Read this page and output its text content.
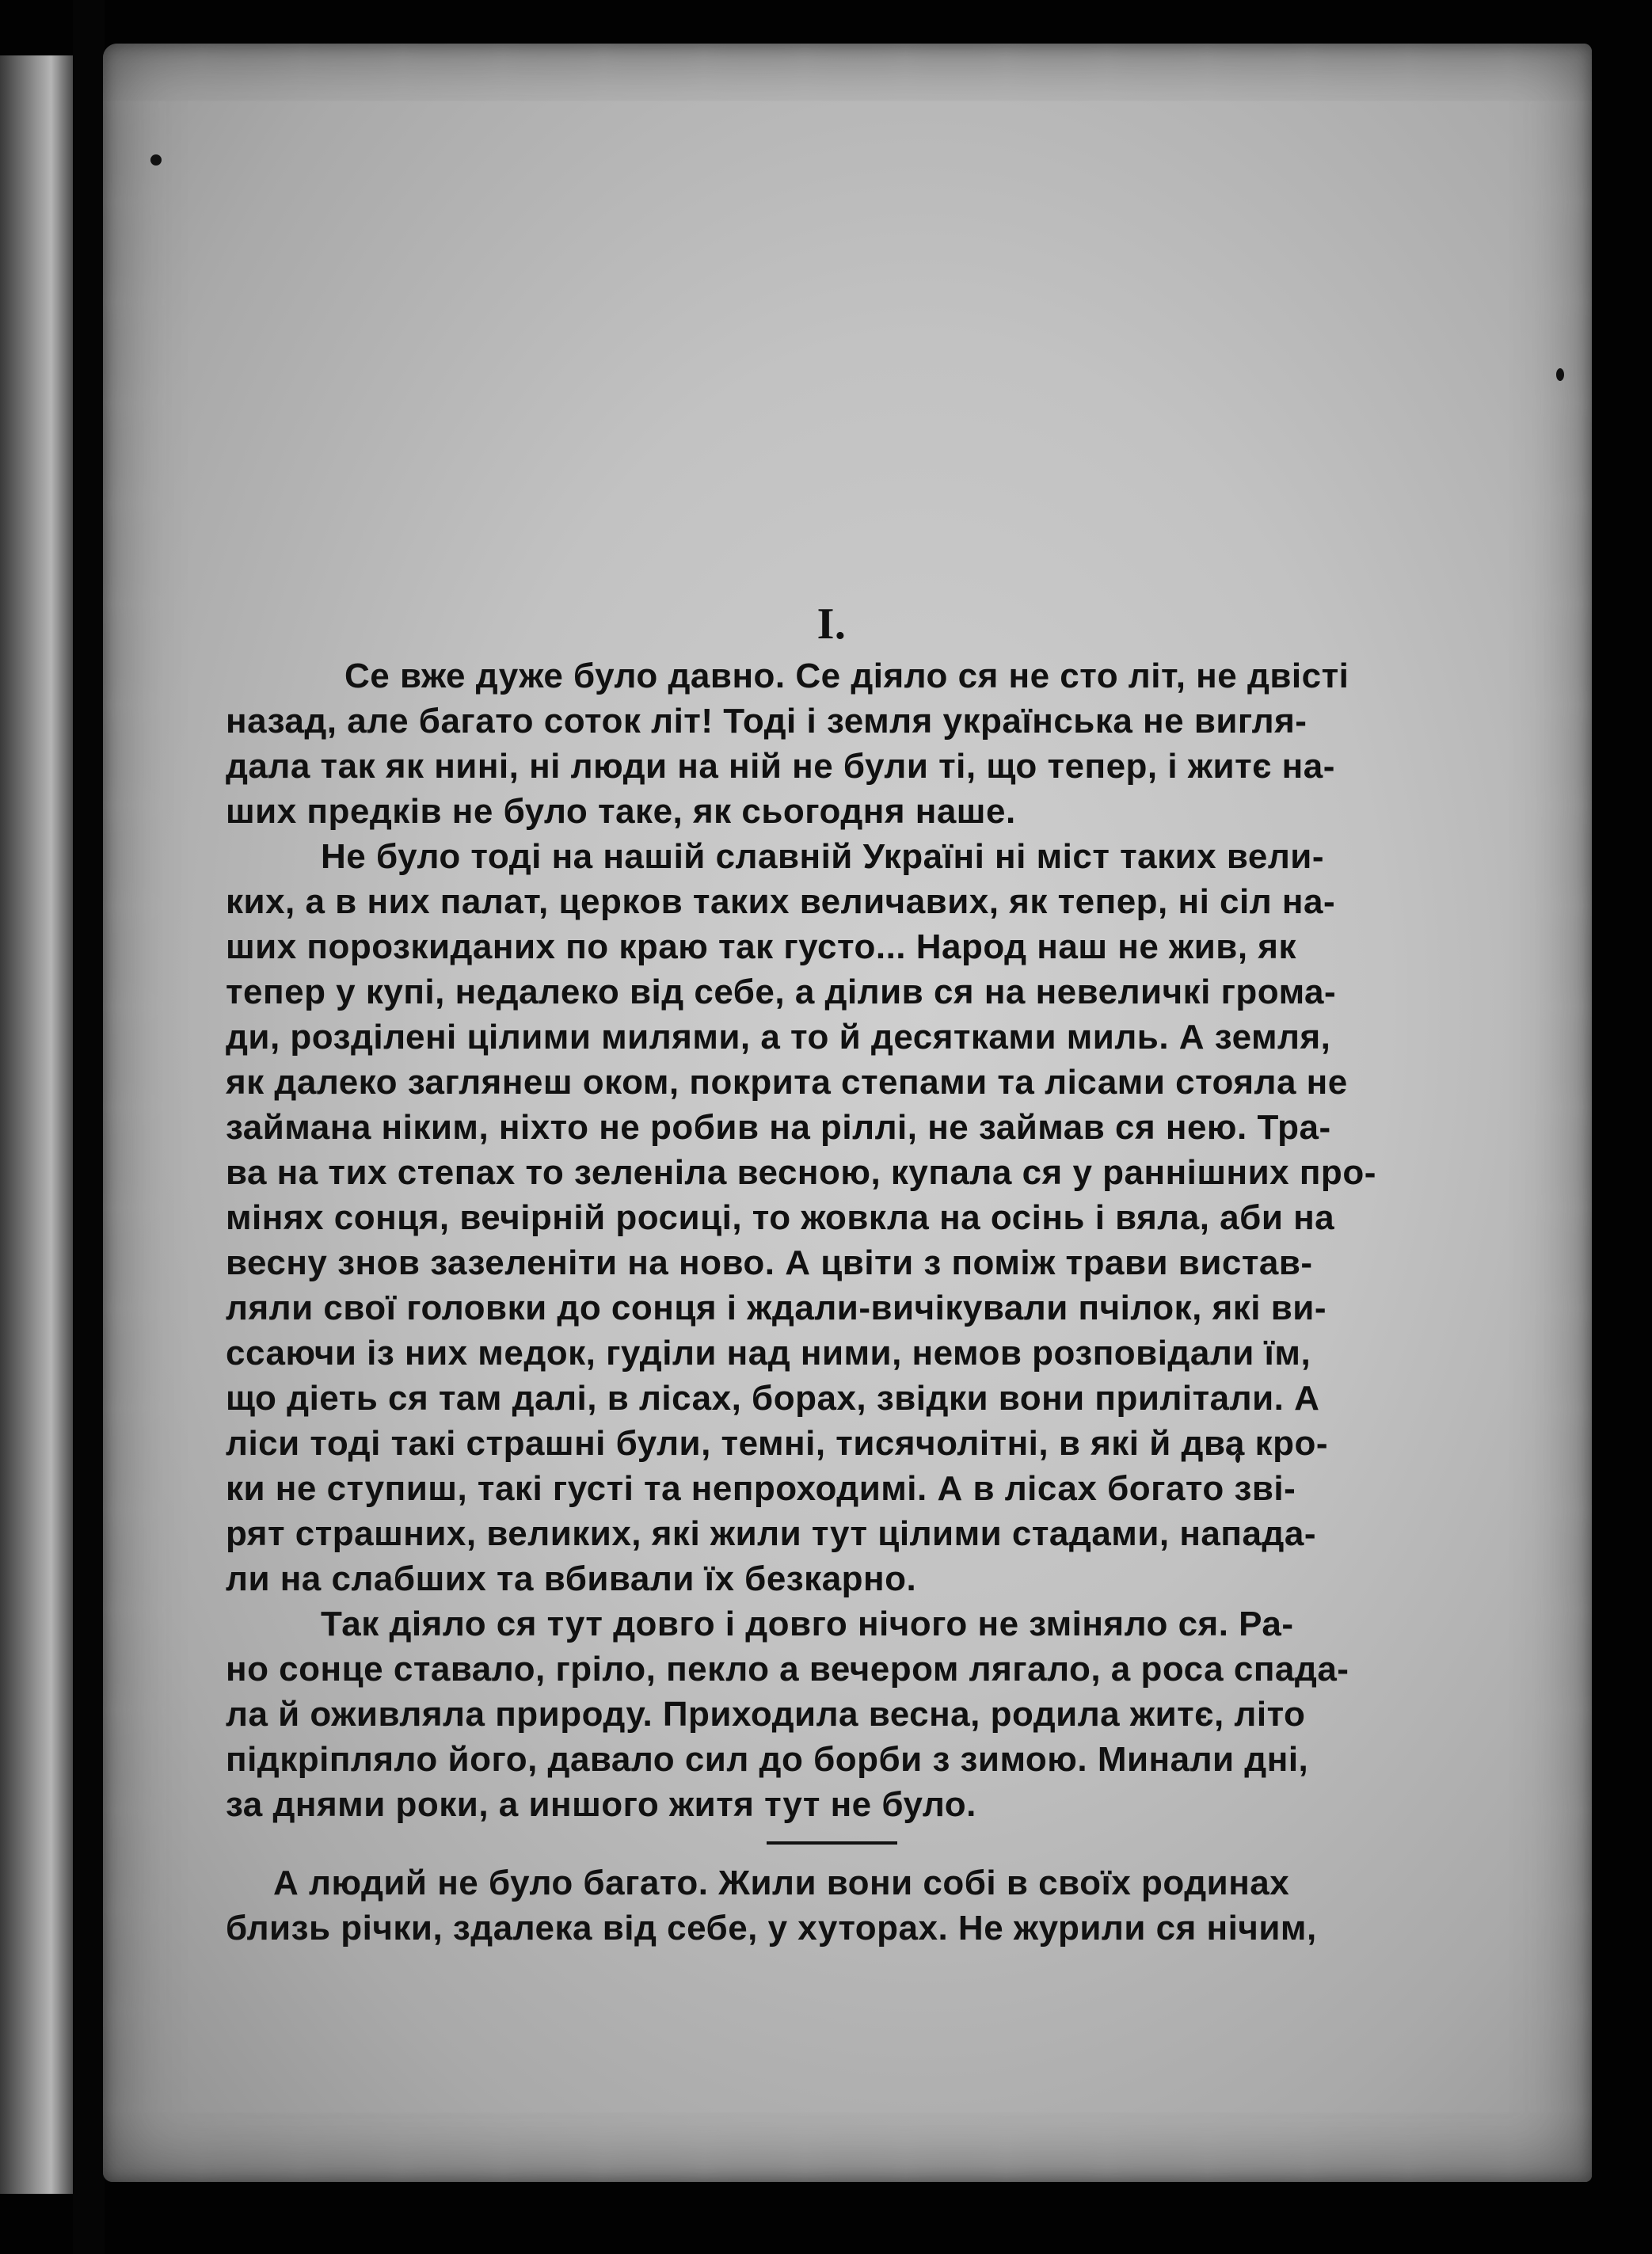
I.

Се вже дуже було давно. Се діяло ся не сто літ, не двісті
назад, але багато соток літ! Тоді і земля українська не вигля-
дала так як нині, ні люди на ній не були ті, що тепер, і житє на-
ших предків не було таке, як сьогодня наше.

Не було тоді на нашій славній Україні ні міст таких вели-
ких, а в них палат, церков таких величавих, як тепер, ні сіл на-
ших порозкиданих по краю так густо... Народ наш не жив, як
тепер у купі, недалеко від себе, а ділив ся на невеличкі грома-
ди, розділені цілими милями, а то й десятками миль. А земля,
як далеко заглянеш оком, покрита степами та лісами стояла не
займана ніким, ніхто не робив на ріллі, не займав ся нею. Тра-
ва на тих степах то зеленіла весною, купала ся у раннішних про-
мінях сонця, вечірній росиці, то жовкла на осінь і вяла, аби на
весну знов зазеленіти на ново. А цвіти з поміж трави вистав-
ляли свої головки до сонця і ждали-вичікували пчілок, які ви-
ссаючи із них медок, гуділи над ними, немов розповідали їм,
що діеть ся там далі, в лісах, борах, звідки вони прилітали. А
ліси тоді такі страшні були, темні, тисячолітні, в які й два кро-
ки не ступиш, такі густі та непроходимі. А в лісах богато зві-
рят страшних, великих, які жили тут цілими стадами, напада-
ли на слабших та вбивали їх безкарно.

Так діяло ся тут довго і довго нічого не зміняло ся. Ра-
но сонце ставало, гріло, пекло а вечером лягало, а роса спада-
ла й оживляла природу. Приходила весна, родила житє, літо
підкріпляло його, давало сил до борби з зимою. Минали дні,
за днями роки, а иншого житя тут не було.

А людий не було багато. Жили вони собі в своїх родинах
близь річки, здалека від себе, у хуторах. Не журили ся нічим,
